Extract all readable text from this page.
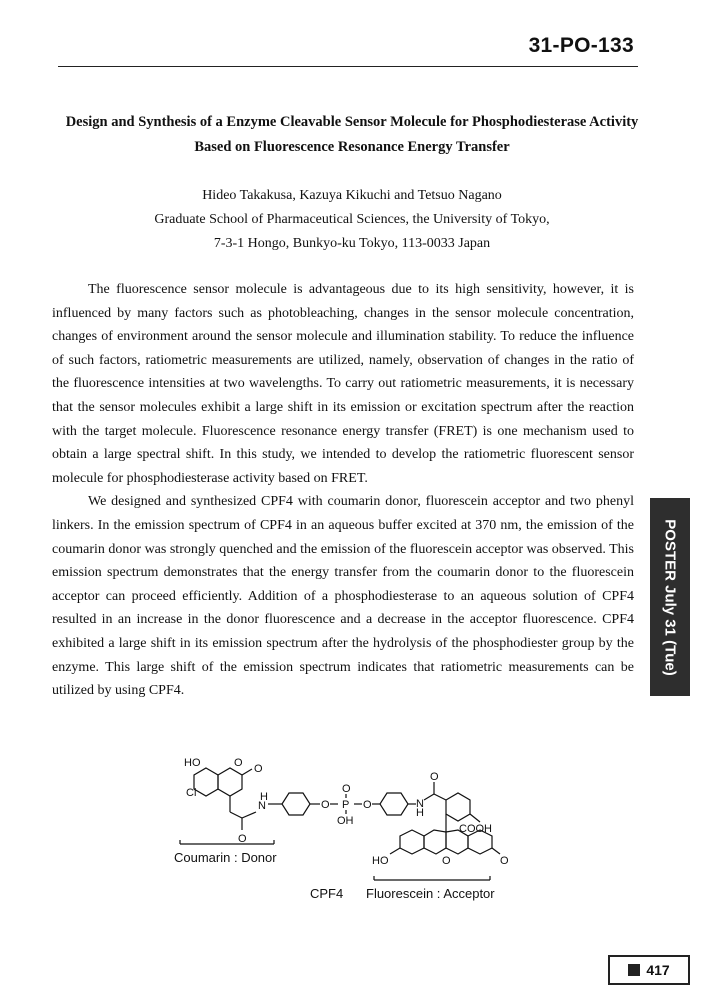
31-PO-133
Design and Synthesis of a Enzyme Cleavable Sensor Molecule for Phosphodiesterase Activity
Based on Fluorescence Resonance Energy Transfer
Hideo Takakusa, Kazuya Kikuchi and Tetsuo Nagano
Graduate School of Pharmaceutical Sciences, the University of Tokyo,
7-3-1 Hongo, Bunkyo-ku Tokyo, 113-0033 Japan

The fluorescence sensor molecule is advantageous due to its high sensitivity, however, it is influenced by many factors such as photobleaching, changes in the sensor molecule concentration, changes of environment around the sensor molecule and illumination stability. To reduce the influence of such factors, ratiometric measurements are utilized, namely, observation of changes in the ratio of the fluorescence intensities at two wavelengths. To carry out ratiometric measurements, it is necessary that the sensor molecules exhibit a large shift in its emission or excitation spectrum after the reaction with the target molecule. Fluorescence resonance energy transfer (FRET) is one mechanism used to obtain a large spectral shift. In this study, we intended to develop the ratiometric fluorescent sensor molecule for phosphodiesterase activity based on FRET.

We designed and synthesized CPF4 with coumarin donor, fluorescein acceptor and two phenyl linkers. In the emission spectrum of CPF4 in an aqueous buffer excited at 370 nm, the emission of the coumarin donor was strongly quenched and the emission of the fluorescein acceptor was observed. This emission spectrum demonstrates that the energy transfer from the coumarin donor to the fluorescein acceptor can proceed efficiently. Addition of a phosphodiesterase to an aqueous solution of CPF4 resulted in an increase in the donor fluorescence and a decrease in the acceptor fluorescence. CPF4 exhibited a large shift in its emission spectrum after the hydrolysis of the phosphodiester group by the enzyme. This large shift of the emission spectrum indicates that ratiometric measurements can be utilized by using CPF4.

POSTER July 31 (Tue)
HO
Cl
O O
H
N
O
O P
O
OH
O
H
N
O
COOH
HO	O	O
Coumarin : Donor
CPF4 Fluorescein : Acceptor
417
